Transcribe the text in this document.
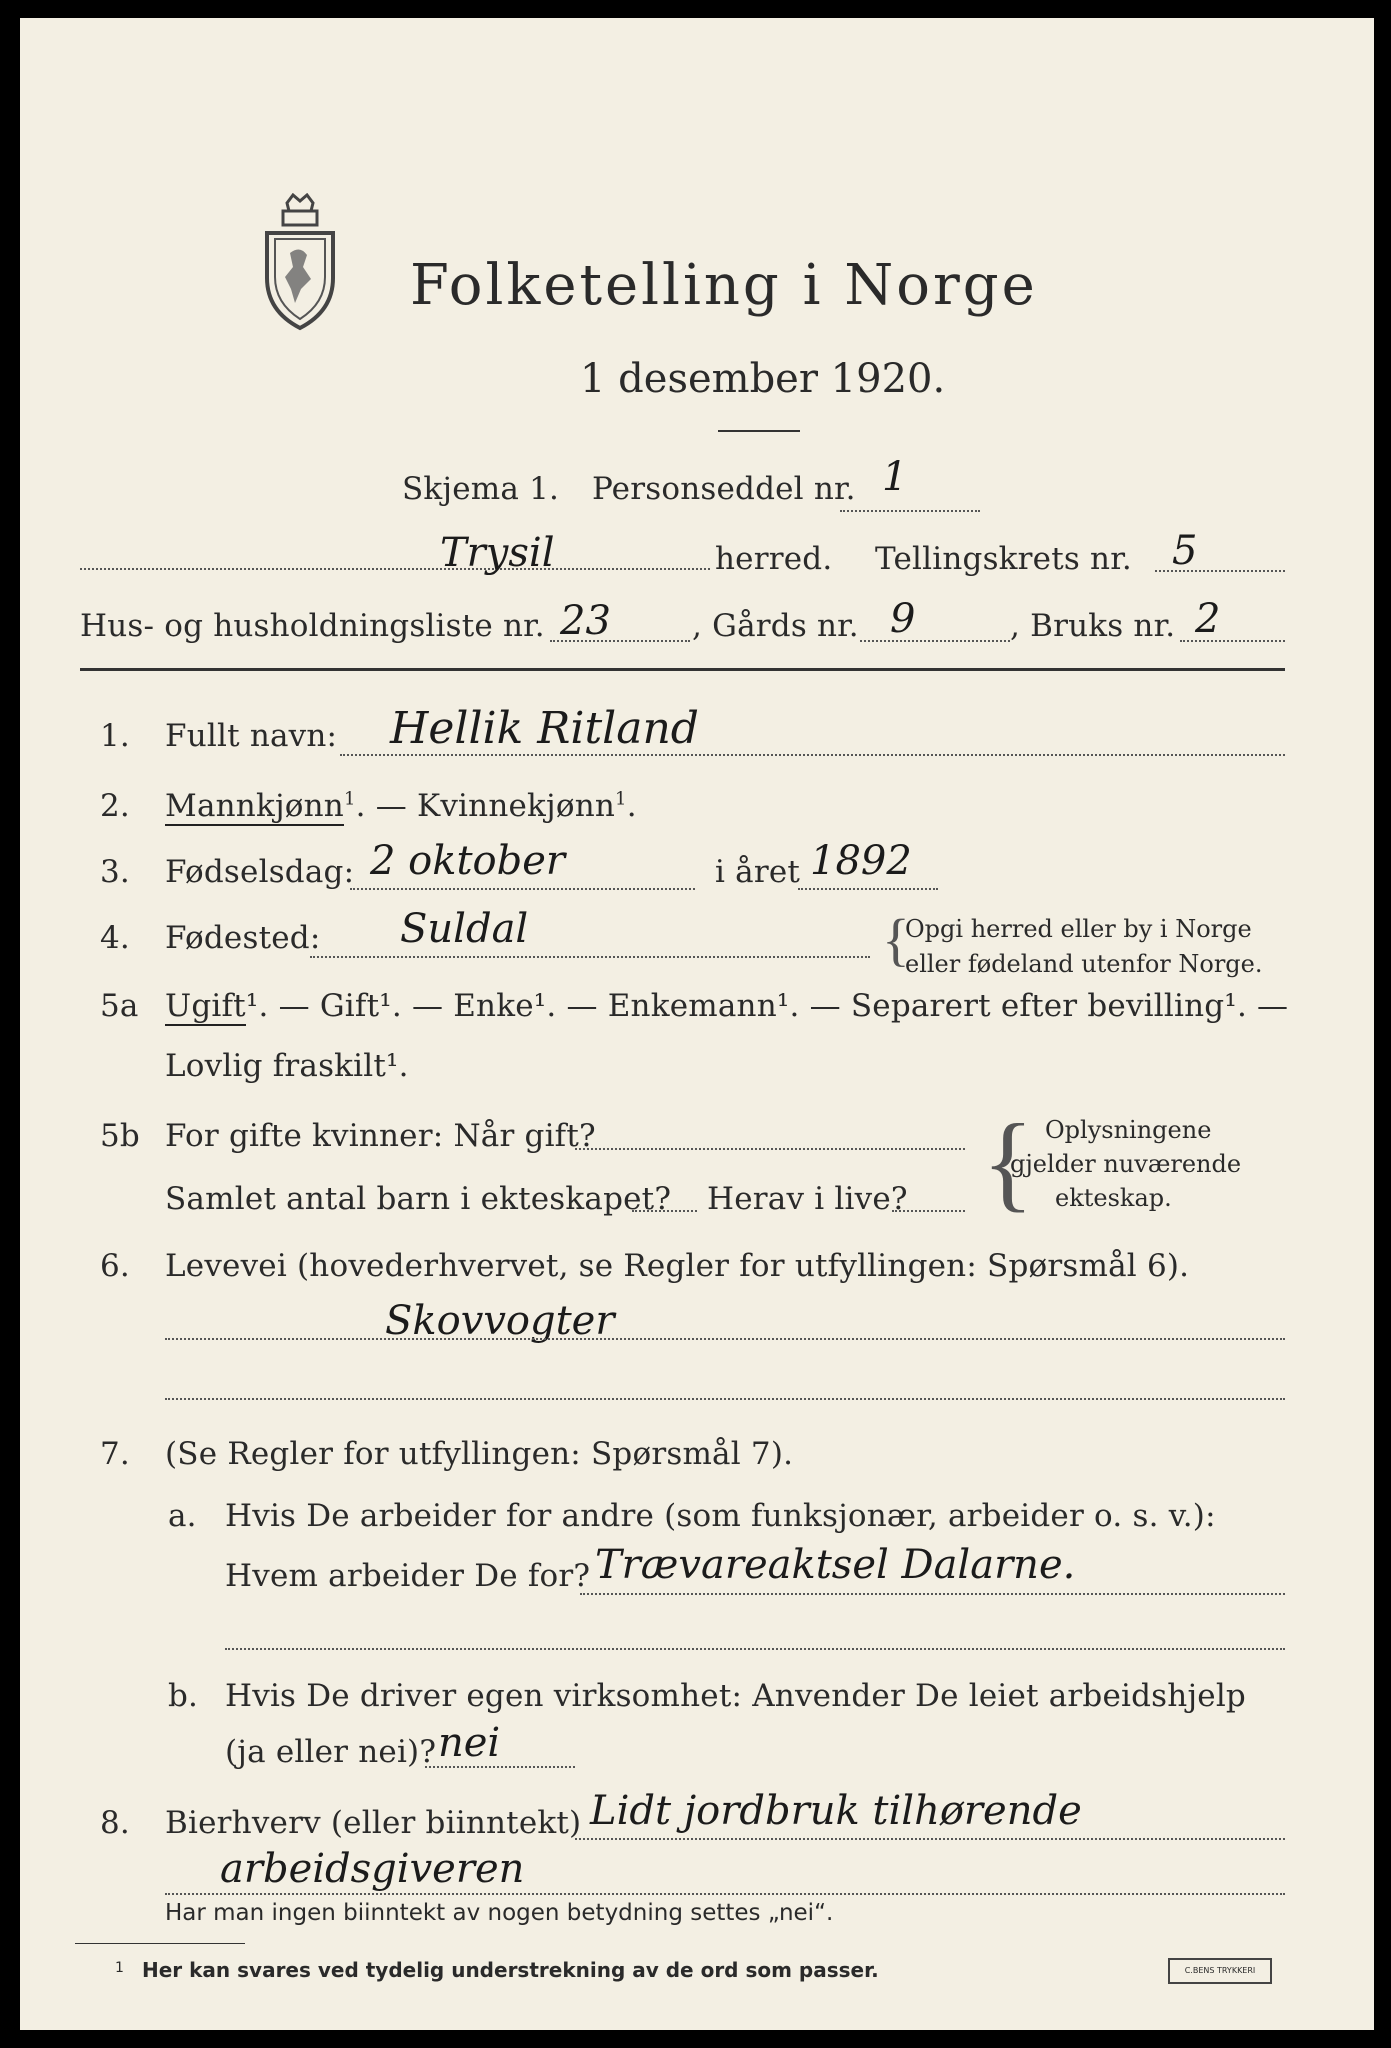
Folketelling i Norge
1 desember 1920.
Skjema 1. Personseddel nr. 1
Trysil	herred. Tellingskrets nr. 5
Hus- og husholdningsliste nr. 23	, Gårds nr. 9	, Bruks nr. 2
1. Fullt navn: Hellik Ritland
2. Mannkjønn$^1$. — Kvinnekjønn$^1$.
3. Fødselsdag: 2 oktober	i året 1892
4. Fødested: Suldal	{
Opgi herred eller by i Norge
eller fødeland utenfor Norge.
5a Ugift¹. — Gift¹. — Enke¹. — Enkemann¹. — Separert efter bevilling¹. —
Lovlig fraskilt¹.
5b For gifte kvinner: Når gift?
Samlet antal barn i ekteskapet? Herav i live? { Oplysningene
gjelder nuværende
ekteskap.
6. Levevei (hovederhvervet, se Regler for utfyllingen: Spørsmål 6).
Skovvogter
7. (Se Regler for utfyllingen: Spørsmål 7).
a. Hvis De arbeider for andre (som funksjonær, arbeider o. s. v.):
Hvem arbeider De for? Trævareaktsel Dalarne.
b. Hvis De driver egen virksomhet: Anvender De leiet arbeidshjelp
(ja eller nei)? nei
8. Bierhverv (eller biinntekt) Lidt jordbruk tilhørende
arbeidsgiveren
Har man ingen biinntekt av nogen betydning settes „nei“.
1 Her kan svares ved tydelig understrekning av de ord som passer.	C.BENS TRYKKERI
